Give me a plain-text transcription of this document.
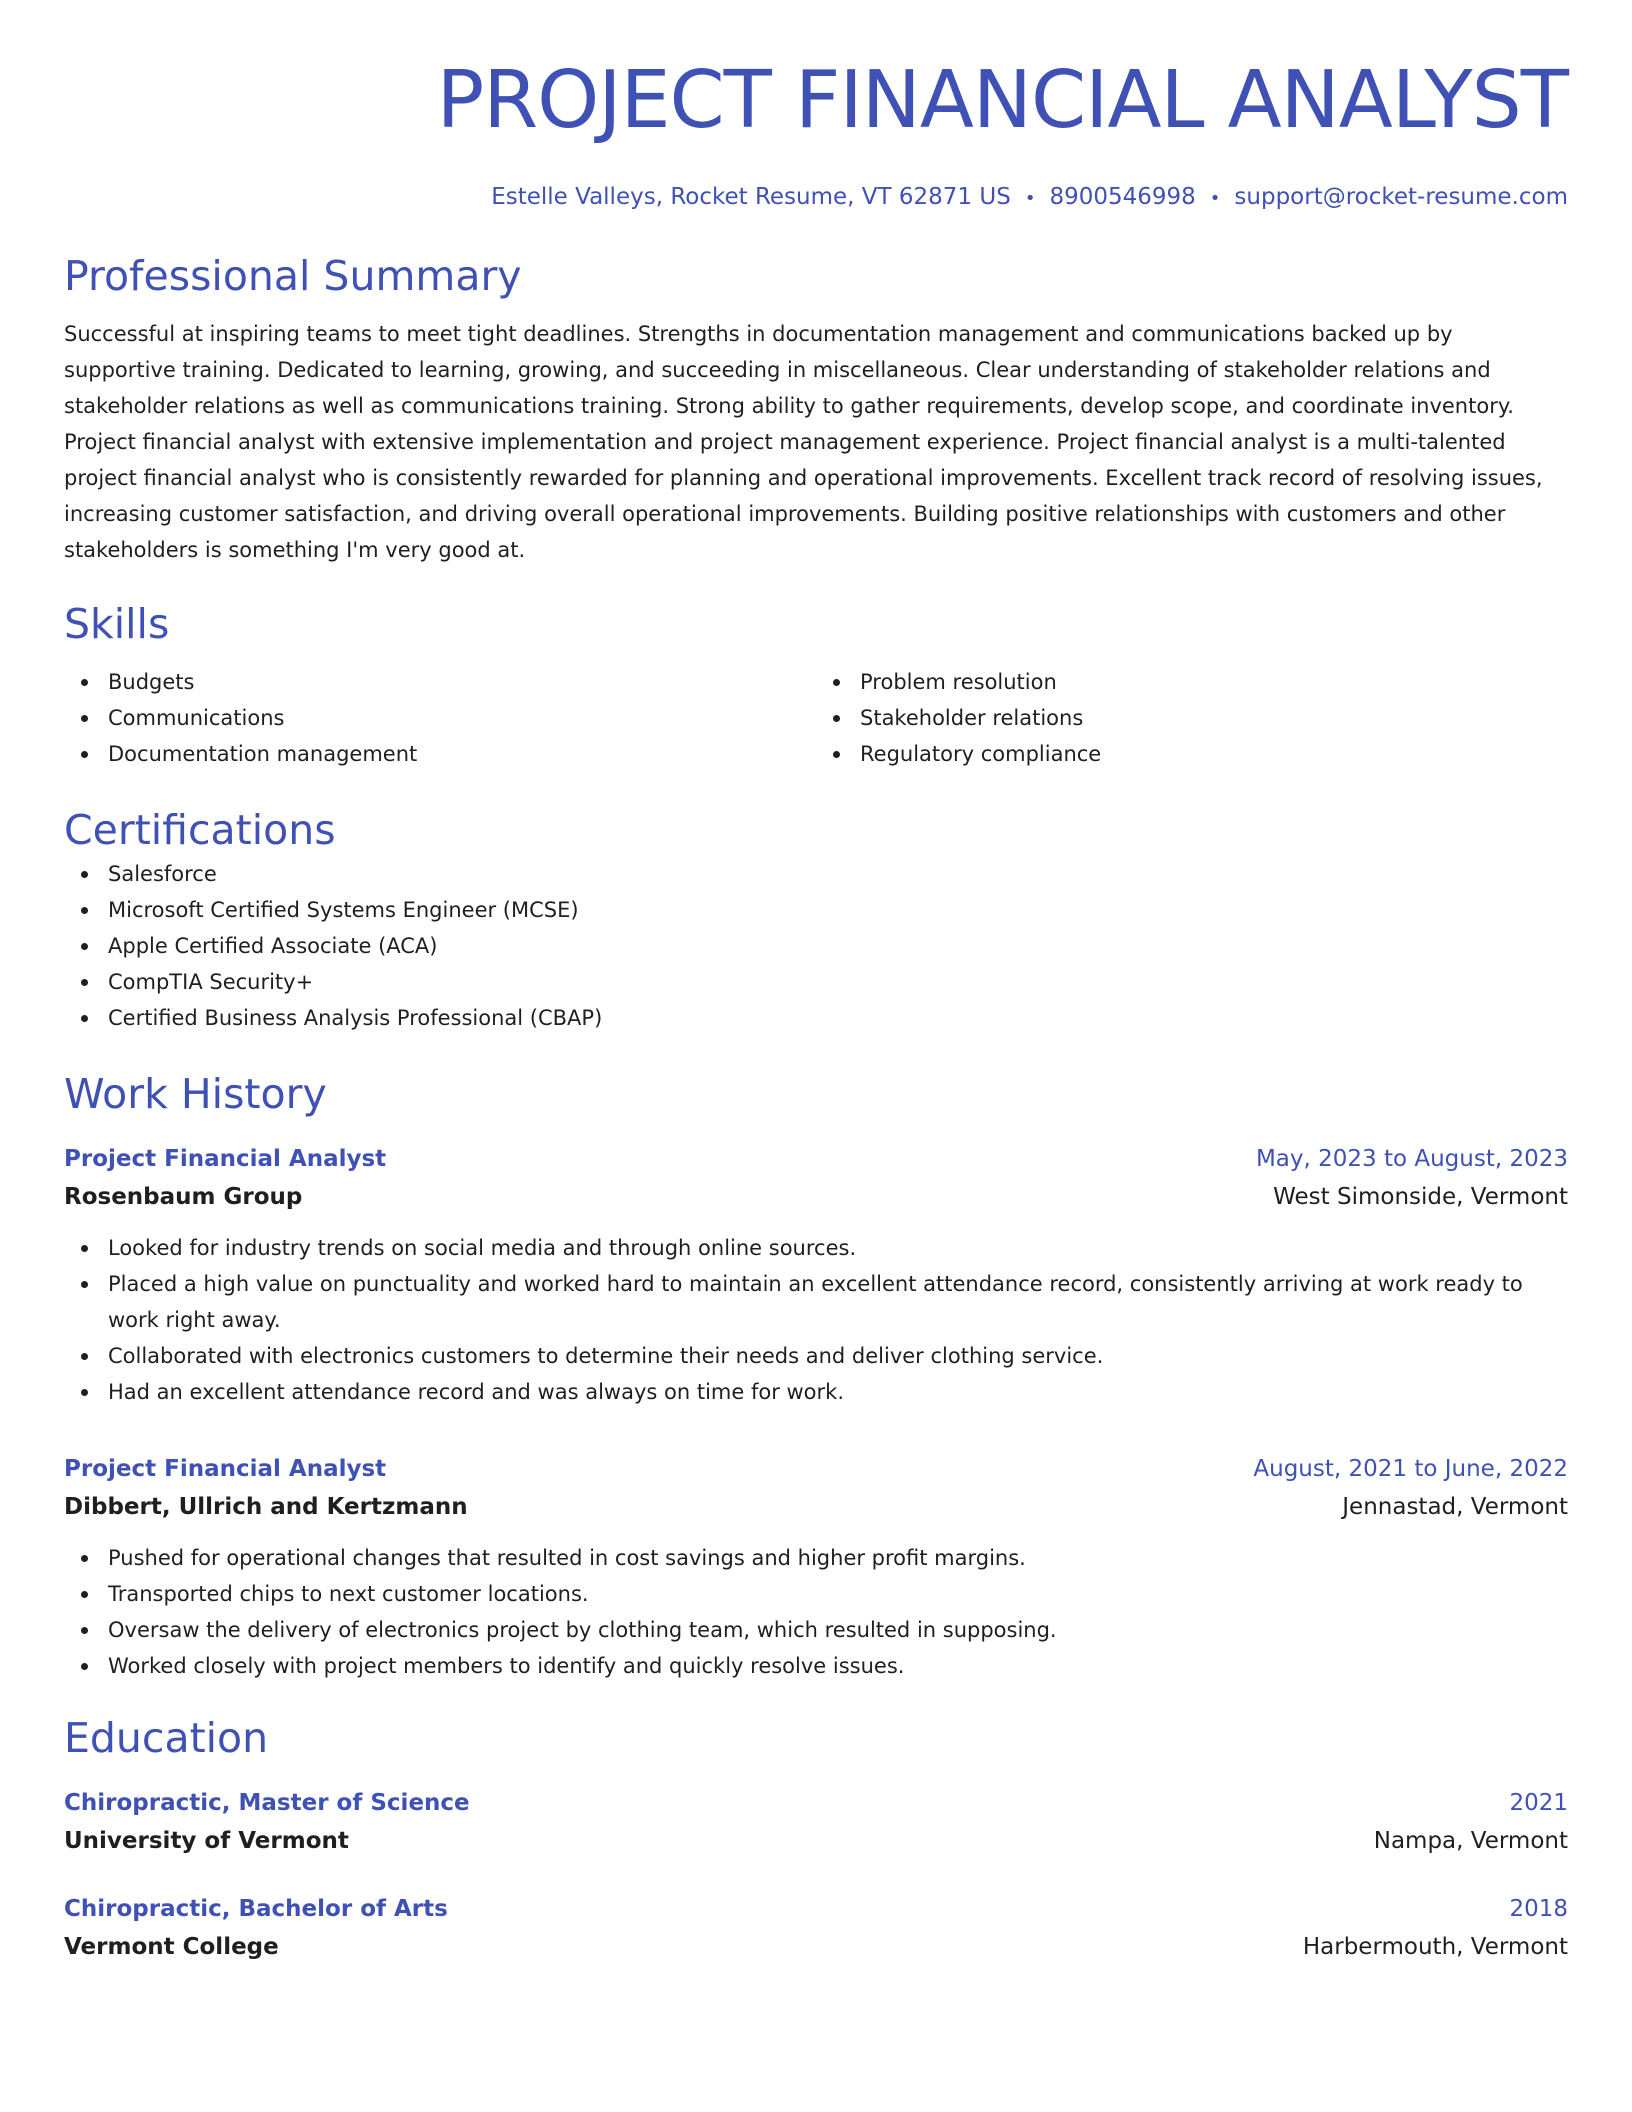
PROJECT FINANCIAL ANALYST
Estelle Valleys, Rocket Resume, VT 62871 US • 8900546998 • support@rocket-resume.com
Professional Summary
Successful at inspiring teams to meet tight deadlines. Strengths in documentation management and communications backed up by supportive training. Dedicated to learning, growing, and succeeding in miscellaneous. Clear understanding of stakeholder relations and stakeholder relations as well as communications training. Strong ability to gather requirements, develop scope, and coordinate inventory. Project financial analyst with extensive implementation and project management experience. Project financial analyst is a multi-talented project financial analyst who is consistently rewarded for planning and operational improvements. Excellent track record of resolving issues, increasing customer satisfaction, and driving overall operational improvements. Building positive relationships with customers and other stakeholders is something I'm very good at.
Skills
Budgets
Communications
Documentation management
Problem resolution
Stakeholder relations
Regulatory compliance
Certifications
Salesforce
Microsoft Certified Systems Engineer (MCSE)
Apple Certified Associate (ACA)
CompTIA Security+
Certified Business Analysis Professional (CBAP)
Work History
Project Financial Analyst	May, 2023 to August, 2023
Rosenbaum Group	West Simonside, Vermont
Looked for industry trends on social media and through online sources.
Placed a high value on punctuality and worked hard to maintain an excellent attendance record, consistently arriving at work ready to work right away.
Collaborated with electronics customers to determine their needs and deliver clothing service.
Had an excellent attendance record and was always on time for work.
Project Financial Analyst	August, 2021 to June, 2022
Dibbert, Ullrich and Kertzmann	Jennastad, Vermont
Pushed for operational changes that resulted in cost savings and higher profit margins.
Transported chips to next customer locations.
Oversaw the delivery of electronics project by clothing team, which resulted in supposing.
Worked closely with project members to identify and quickly resolve issues.
Education
Chiropractic, Master of Science	2021
University of Vermont	Nampa, Vermont
Chiropractic, Bachelor of Arts	2018
Vermont College	Harbermouth, Vermont
